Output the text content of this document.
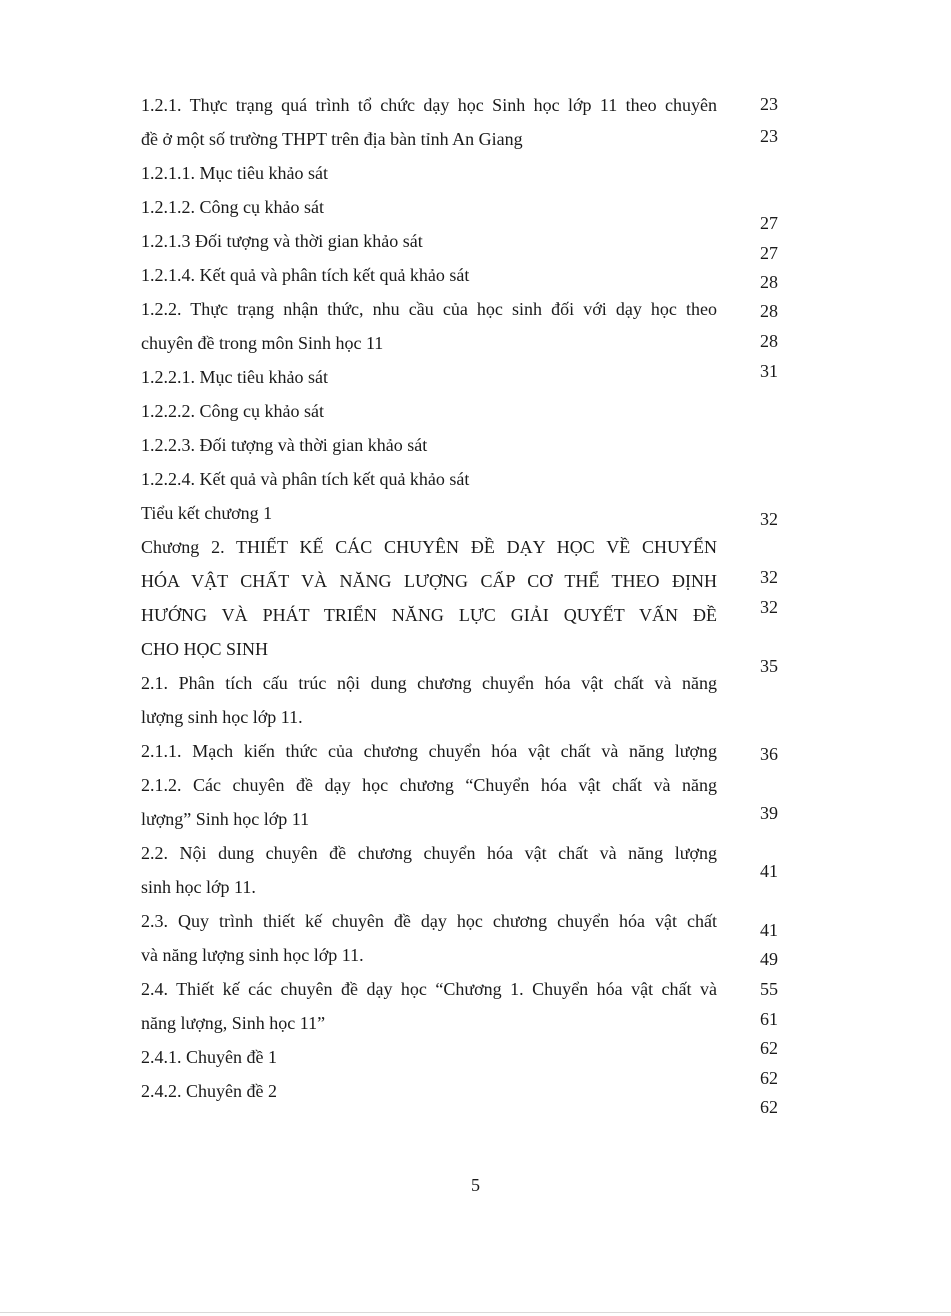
1.2.1. Thực trạng quá trình tổ chức dạy học Sinh học lớp 11 theo chuyên
đề ở một số trường THPT trên địa bàn tỉnh An Giang
1.2.1.1. Mục tiêu khảo sát
1.2.1.2. Công cụ khảo sát
1.2.1.3 Đối tượng và thời gian khảo sát
1.2.1.4. Kết quả và phân tích kết quả khảo sát
1.2.2. Thực trạng nhận thức, nhu cầu của học sinh đối với dạy học theo
chuyên đề trong môn Sinh học 11
1.2.2.1. Mục tiêu khảo sát
1.2.2.2. Công cụ khảo sát
1.2.2.3. Đối tượng và thời gian khảo sát
1.2.2.4. Kết quả và phân tích kết quả khảo sát
Tiểu kết chương 1
Chương 2. THIẾT KẾ CÁC CHUYÊN ĐỀ DẠY HỌC VỀ CHUYỂN
HÓA VẬT CHẤT VÀ NĂNG LƯỢNG CẤP CƠ THỂ THEO ĐỊNH
HƯỚNG VÀ PHÁT TRIỂN NĂNG LỰC GIẢI QUYẾT VẤN ĐỀ
CHO HỌC SINH
2.1. Phân tích cấu trúc nội dung chương chuyển hóa vật chất và năng
lượng sinh học lớp 11.
2.1.1. Mạch kiến thức của chương chuyển hóa vật chất và năng lượng
2.1.2. Các chuyên đề dạy học chương “Chuyển hóa vật chất và năng
lượng” Sinh học lớp 11
2.2. Nội dung chuyên đề chương chuyển hóa vật chất và năng lượng
sinh học lớp 11.
2.3. Quy trình thiết kế chuyên đề dạy học chương chuyển hóa vật chất
và năng lượng sinh học lớp 11.
2.4. Thiết kế các chuyên đề dạy học “Chương 1. Chuyển hóa vật chất và
năng lượng, Sinh học 11”
2.4.1. Chuyên đề 1
2.4.2. Chuyên đề 2
23
23
27
27
28
28
28
31
32
32
32
35
36
39
41
41
49
55
61
62
62
62
5
